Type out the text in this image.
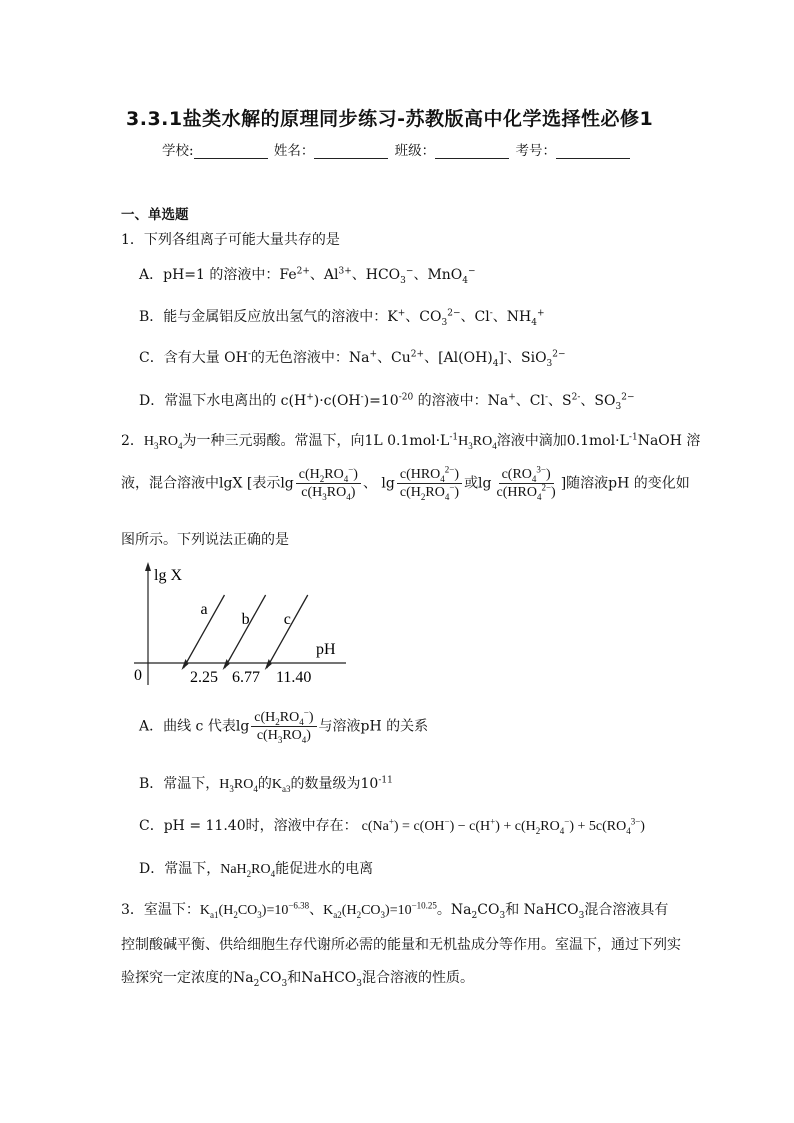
3.3.1盐类水解的原理同步练习-苏教版高中化学选择性必修1
学校:	姓名：	班级：	考号：
一、单选题
1．下列各组离子可能大量共存的是
A．pH=1 的溶液中：$Fe^{2+}$、$Al^{3+}$、$HCO_3^-$、MnO$_4$−
B．能与金属铝反应放出氢气的溶液中：K+、$CO_3^{2-}$、Cl-、$NH_4^+$
C．含有大量 OH-的无色溶液中：Na+、$Cu^{2+}$、$[Al(OH)_4]^-$、SiO$_3^{2-}$
D．常温下水电离出的 $c(H^+)\cdot c(OH^-)=10^{-20}$ 的溶液中：Na+、Cl-、$S^{2-}$、$SO_3^{2-}$
2．$H_3RO_4$为一种三元弱酸。常温下，向1L $0.1mol\cdot L^{-1}H_3RO_4$溶液中滴加$0.1mol\cdot L^{-1}NaOH$ 溶
液，混合溶液中lgX [表示$\lg \frac{c(H_2RO_4^-)}{c(H_3RO_4)}$ 、 $\lg \frac{c(HRO_4^{2-})}{c(H_2RO_4^-)}$ 或$\lg \frac{c(RO_4^{3-})}{c(HRO_4^{2-})}$ ]随溶液pH 的变化如
图所示。下列说法正确的是
lg X
pH
0
a
b c
2.25 6.77 11.40
A．曲线 c 代表$\lg \frac{c(H_2RO_4^-)}{c(H_3RO_4)}$ 与溶液pH 的关系
B．常温下，$H_3RO_4$的$K_{a3}$的数量级为$10^{-11}$
C．pH = 11.40时，溶液中存在： $c(Na^+) = c(OH^-) - c(H^+) + c(H_2RO_4^-) + 5c(RO_4^{3-})$
D．常温下，$NaH_2RO_4$能促进水的电离
3．室温下：$K_{a1}(H_2CO_3)=10^{-6.38}$、$K_{a2}(H_2CO_3)=10^{-10.25}$。$Na_2CO_3$和 NaHCO$_3$混合溶液具有
控制酸碱平衡、供给细胞生存代谢所必需的能量和无机盐成分等作用。室温下，通过下列实
验探究一定浓度的$Na_2CO_3$和NaHCO$_3$混合溶液的性质。
